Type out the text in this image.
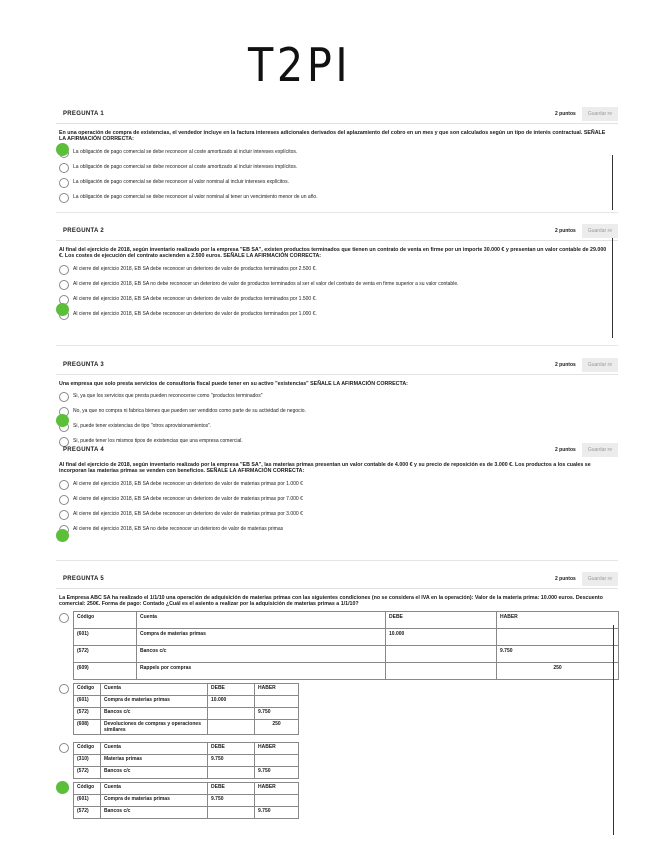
T2PI
PREGUNTA 1	2 puntos	Guardar re
En una operación de compra de existencias, el vendedor incluye en la factura intereses adicionales derivados del aplazamiento del cobro en un mes y que son calculados según un tipo de interés contractual. SEÑALE LA AFIRMACIÓN CORRECTA:
La obligación de pago comercial se debe reconocer al coste amortizado al incluir intereses explícitos.
La obligación de pago comercial se debe reconocer al coste amortizado al incluir intereses implícitos.
La obligación de pago comercial se debe reconocer al valor nominal al incluir intereses explícitos.
La obligación de pago comercial se debe reconocer al valor nominal al tener un vencimiento menor de un año.
PREGUNTA 2	2 puntos	Guardar re
Al final del ejercicio de 2018, según inventario realizado por la empresa "EB SA", existen productos terminados que tienen un contrato de venta en firme por un importe 30.000 € y presentan un valor contable de 29.000 €. Los costes de ejecución del contrato ascienden a 2.500 euros. SEÑALE LA AFIRMACIÓN CORRECTA:
Al cierre del ejercicio 2018, EB SA debe reconocer un deterioro de valor de productos terminados por 2.500 €.
Al cierre del ejercicio 2018, EB SA no debe reconocer un deterioro de valor de productos terminados al ser el valor del contrato de venta en firme superior a su valor contable.
Al cierre del ejercicio 2018, EB SA debe reconocer un deterioro de valor de productos terminados por 1.500 €.
Al cierre del ejercicio 2018, EB SA debe reconocer un deterioro de valor de productos terminados por 1.000 €.
PREGUNTA 3	2 puntos	Guardar re
Una empresa que solo presta servicios de consultoría fiscal puede tener en su activo "existencias" SEÑALE LA AFIRMACIÓN CORRECTA:
Si, ya que los servicios que presta pueden reconocerse como "productos terminados"
No, ya que no compra ni fabrica bienes que pueden ser vendidos como parte de su actividad de negocio.
Si, puede tener existencias de tipo "otros aprovisionamientos".
Si, puede tener los mismos tipos de existencias que una empresa comercial.
PREGUNTA 4	2 puntos	Guardar re
Al final del ejercicio de 2018, según inventario realizado por la empresa "EB SA", las materias primas presentan un valor contable de 4.000 € y su precio de reposición es de 3.000 €. Los productos a los cuales se incorporan las materias primas se venden con beneficios. SEÑALE LA AFIRMACIÓN CORRECTA:
Al cierre del ejercicio 2018, EB SA debe reconocer un deterioro de valor de materias primas por 1.000 €
Al cierre del ejercicio 2018, EB SA debe reconocer un deterioro de valor de materias primas por 7.000 €
Al cierre del ejercicio 2018, EB SA debe reconocer un deterioro de valor de materias primas por 3.000 €
Al cierre del ejercicio 2018, EB SA no debe reconocer un deterioro de valor de materias primas
PREGUNTA 5	2 puntos	Guardar re
La Empresa ABC SA ha realizado el 1/1/10 una operación de adquisición de materias primas con las siguientes condiciones (no se considera el IVA en la operación): Valor de la materia prima: 10.000 euros. Descuento comercial: 250€. Forma de pago: Contado ¿Cuál es el asiento a realizar por la adquisición de materias primas a 1/1/10?
Código	Cuenta	DEBE	HABER
(601)	Compra de materias primas	10.000	
(572)	Bancos c/c		9.750
(609)	Rappels por compras		250
Código	Cuenta	DEBE	HABER
(601)	Compra de materias primas	10.000	
(572)	Bancos c/c		9.750
(608)	Devoluciones de compras y operaciones similares		250
Código	Cuenta	DEBE	HABER
(310)	Materias primas	9.750	
(572)	Bancos c/c		9.750
Código	Cuenta	DEBE	HABER
(601)	Compra de materias primas	9.750	
(572)	Bancos c/c		9.750
